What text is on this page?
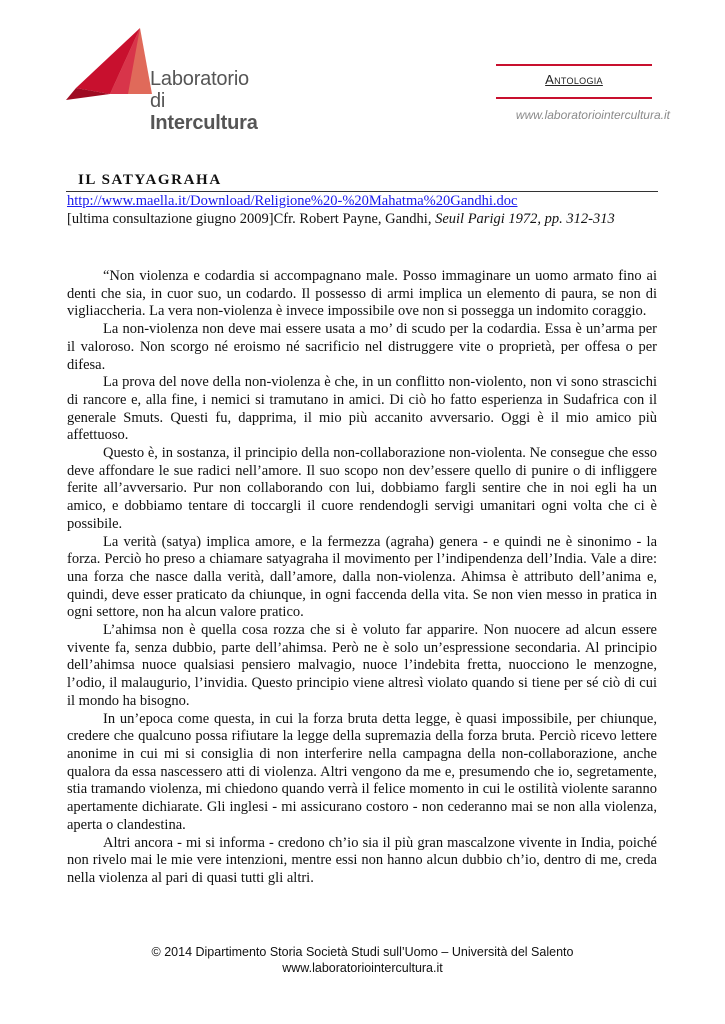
Laboratorio
di Intercultura
Antologia
www.laboratoriointercultura.it
IL SATYAGRAHA
http://www.maella.it/Download/Religione%20-%20Mahatma%20Gandhi.doc
[ultima consultazione giugno 2009]Cfr. Robert Payne, Gandhi, Seuil Parigi 1972, pp. 312-313

“Non violenza e codardia si accompagnano male. Posso immaginare un uomo armato fino ai denti che sia, in cuor suo, un codardo. Il possesso di armi implica un elemento di paura, se non di vigliaccheria. La vera non-violenza è invece impossibile ove non si possegga un indomito coraggio.

La non-violenza non deve mai essere usata a mo’ di scudo per la codardia. Essa è un’arma per il valoroso. Non scorgo né eroismo né sacrificio nel distruggere vite o proprietà, per offesa o per difesa.

La prova del nove della non-violenza è che, in un conflitto non-violento, non vi sono strascichi di rancore e, alla fine, i nemici si tramutano in amici. Di ciò ho fatto esperienza in Sudafrica con il generale Smuts. Questi fu, dapprima, il mio più accanito avversario. Oggi è il mio amico più affettuoso.

Questo è, in sostanza, il principio della non-collaborazione non-violenta. Ne consegue che esso deve affondare le sue radici nell’amore. Il suo scopo non dev’essere quello di punire o di infliggere ferite all’avversario. Pur non collaborando con lui, dobbiamo fargli sentire che in noi egli ha un amico, e dobbiamo tentare di toccargli il cuore rendendogli servigi umanitari ogni volta che ci è possibile.

La verità (satya) implica amore, e la fermezza (agraha) genera - e quindi ne è sinonimo - la forza. Perciò ho preso a chiamare satyagraha il movimento per l’indipendenza dell’India. Vale a dire: una forza che nasce dalla verità, dall’amore, dalla non-violenza. Ahimsa è attributo dell’anima e, quindi, deve esser praticato da chiunque, in ogni faccenda della vita. Se non vien messo in pratica in ogni settore, non ha alcun valore pratico.

L’ahimsa non è quella cosa rozza che si è voluto far apparire. Non nuocere ad alcun essere vivente fa, senza dubbio, parte dell’ahimsa. Però ne è solo un’espressione secondaria. Al principio dell’ahimsa nuoce qualsiasi pensiero malvagio, nuoce l’indebita fretta, nuocciono le menzogne, l’odio, il malaugurio, l’invidia. Questo principio viene altresì violato quando si tiene per sé ciò di cui il mondo ha bisogno.

In un’epoca come questa, in cui la forza bruta detta legge, è quasi impossibile, per chiunque, credere che qualcuno possa rifiutare la legge della supremazia della forza bruta. Perciò ricevo lettere anonime in cui mi si consiglia di non interferire nella campagna della non-collaborazione, anche qualora da essa nascessero atti di violenza. Altri vengono da me e, presumendo che io, segretamente, stia tramando violenza, mi chiedono quando verrà il felice momento in cui le ostilità violente saranno apertamente dichiarate. Gli inglesi - mi assicurano costoro - non cederanno mai se non alla violenza, aperta o clandestina.

Altri ancora - mi si informa - credono ch’io sia il più gran mascalzone vivente in India, poiché non rivelo mai le mie vere intenzioni, mentre essi non hanno alcun dubbio ch’io, dentro di me, creda nella violenza al pari di quasi tutti gli altri.

© 2014 Dipartimento Storia Società Studi sull’Uomo – Università del Salento
www.laboratoriointercultura.it
